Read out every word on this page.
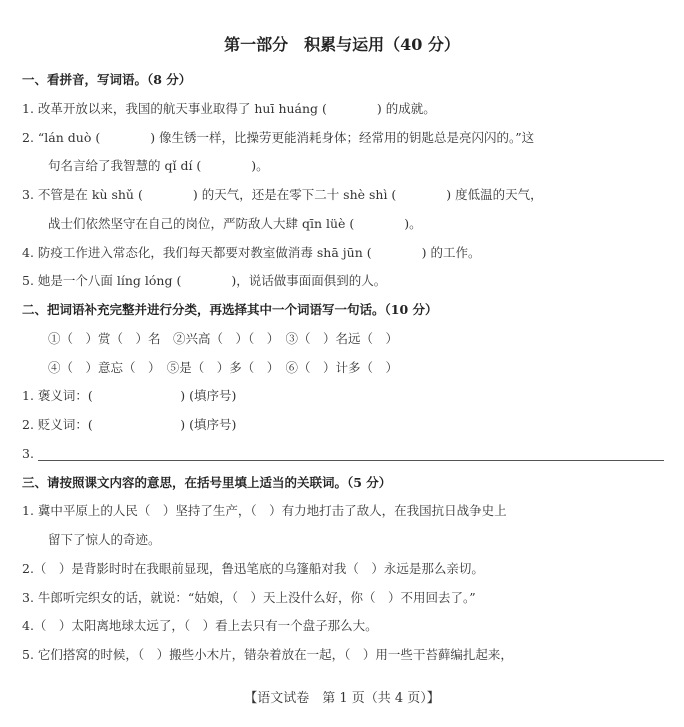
第一部分　积累与运用（40 分）
一、看拼音，写词语。（8 分）
1. 改革开放以来，我国的航天事业取得了 huī huáng (　　　　) 的成就。
2. “lán duò (　　　　) 像生锈一样，比操劳更能消耗身体；经常用的钥匙总是亮闪闪的。”这
句名言给了我智慧的 qǐ dí (　　　　)。
3. 不管是在 kù shǔ (　　　　) 的天气，还是在零下二十 shè shì (　　　　) 度低温的天气，
战士们依然坚守在自己的岗位，严防敌人大肆 qīn lüè (　　　　)。
4. 防疫工作进入常态化，我们每天都要对教室做消毒 shā jūn (　　　　) 的工作。
5. 她是一个八面 líng lóng (　　　　)，说话做事面面俱到的人。
二、把词语补充完整并进行分类，再选择其中一个词语写一句话。（10 分）
①（　）赏（　）名　②兴高（　）（　）　③（　）名远（　）
④（　）意忘（　）　⑤是（　）多（　）　⑥（　）计多（　）
1. 褒义词：(　　　　　　　) (填序号)
2. 贬义词：(　　　　　　　) (填序号)
3.
三、请按照课文内容的意思，在括号里填上适当的关联词。（5 分）
1. 冀中平原上的人民（　）坚持了生产，（　）有力地打击了敌人，在我国抗日战争史上
留下了惊人的奇迹。
2.（　）是背影时时在我眼前显现，鲁迅笔底的乌篷船对我（　）永远是那么亲切。
3. 牛郎听完织女的话，就说：“姑娘，（　）天上没什么好，你（　）不用回去了。”
4.（　）太阳离地球太远了，（　）看上去只有一个盘子那么大。
5. 它们搭窝的时候，（　）搬些小木片，错杂着放在一起，（　）用一些干苔藓编扎起来，
【语文试卷　第 1 页（共 4 页）】
